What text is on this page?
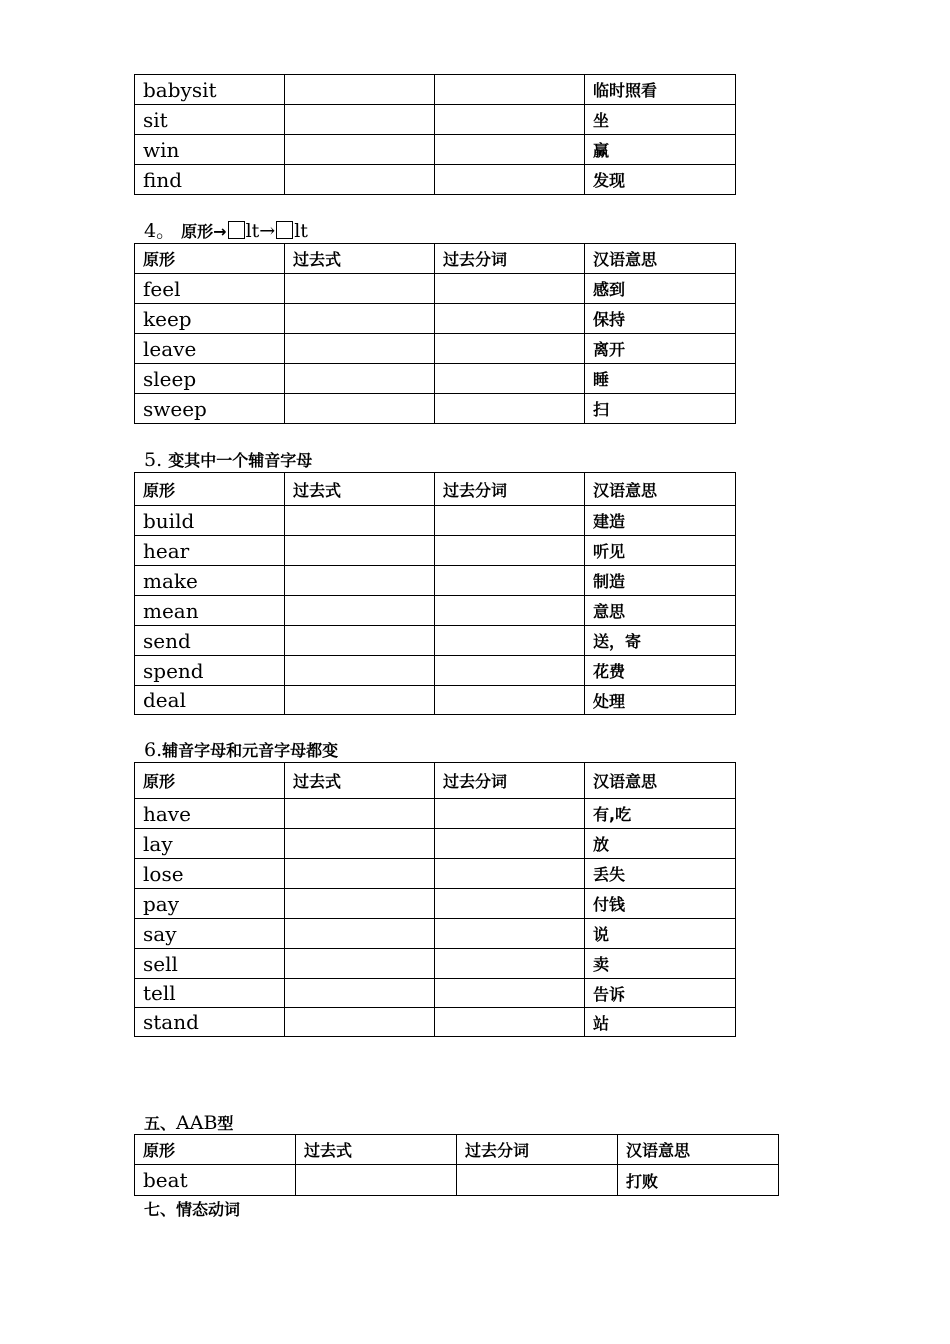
babysit			临时照看
sit			坐
win			赢
find			发现
4。 原形→ lt→ lt
原形	过去式	过去分词	汉语意思
feel			感到
keep			保持
leave			离开
sleep			睡
sweep			扫
5. 变其中一个辅音字母
原形	过去式	过去分词	汉语意思
build			建造
hear			听见
make			制造
mean			意思
send			送，寄
spend			花费
deal			处理
6.辅音字母和元音字母都变
原形	过去式	过去分词	汉语意思
have			有,吃
lay			放
lose			丢失
pay			付钱
say			说
sell			卖
tell			告诉
stand			站
五、AAB型
原形	过去式	过去分词	汉语意思
beat			打败
七、情态动词
